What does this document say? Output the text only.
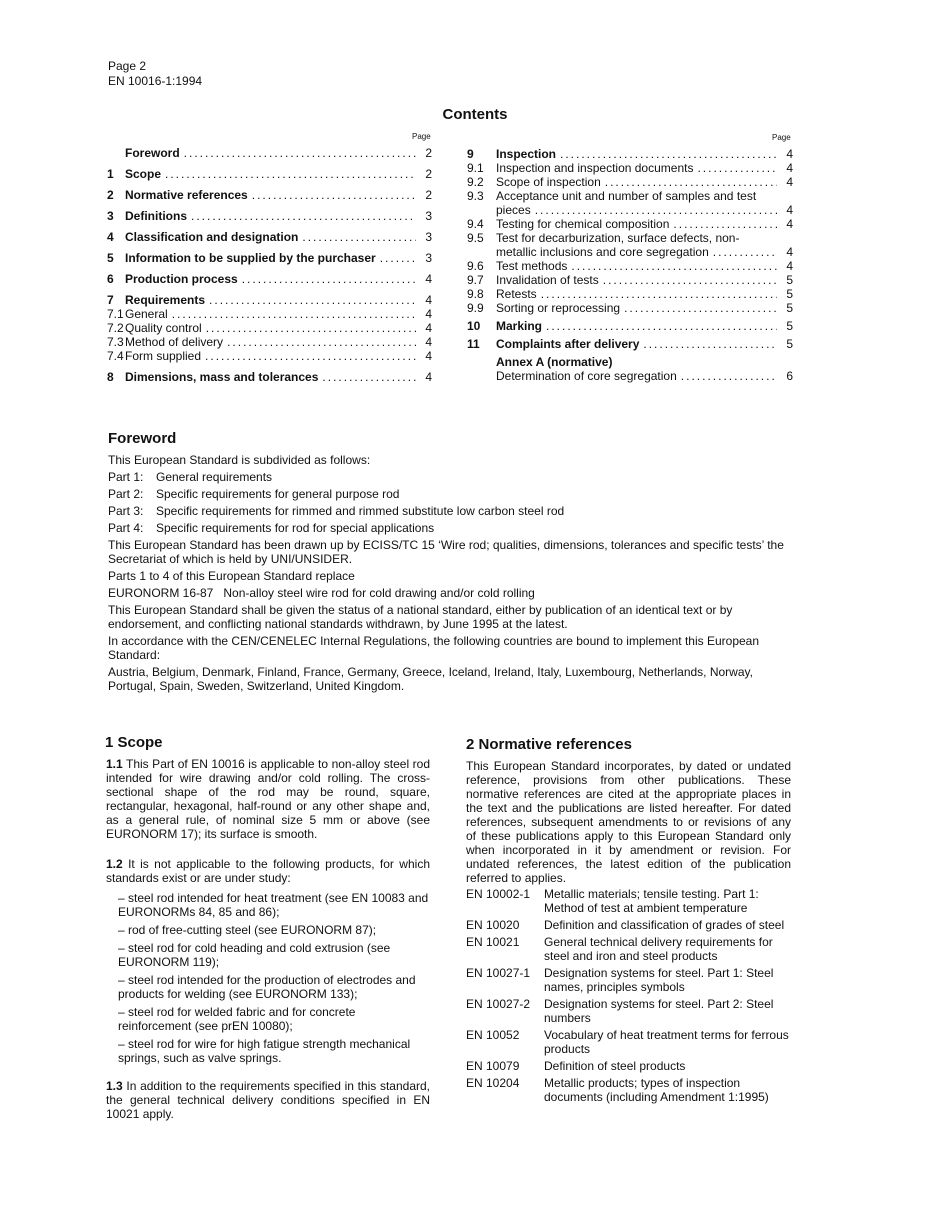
Page 2
EN 10016-1:1994
Contents
Page	Page
Foreword .....	2
1 Scope .....	2
2 Normative references .....	2
3 Definitions .....	3
4 Classification and designation .....	3
5 Information to be supplied by the purchaser .....	3
6 Production process .....	4
7 Requirements .....	4
7.1 General .....	4
7.2 Quality control .....	4
7.3 Method of delivery .....	4
7.4 Form supplied .....	4
8 Dimensions, mass and tolerances .....	4
9	Inspection .....	4
9.1	Inspection and inspection documents .....	4
9.2	Scope of inspection .....	4
9.3	Acceptance unit and number of samples and test
pieces .....	4
9.4	Testing for chemical composition .....	4
9.5	Test for decarburization, surface defects, non-
metallic inclusions and core segregation .....	4
9.6	Test methods .....	4
9.7	Invalidation of tests .....	5
9.8	Retests .....	5
9.9	Sorting or reprocessing .....	5
10	Marking .....	5
11	Complaints after delivery .....	5
Annex A (normative)
Determination of core segregation .....	6
Foreword

This European Standard is subdivided as follows:

Part 1:	General requirements
Part 2:	Specific requirements for general purpose rod
Part 3:	Specific requirements for rimmed and rimmed substitute low carbon steel rod
Part 4:	Specific requirements for rod for special applications

This European Standard has been drawn up by ECISS/TC 15 ‘Wire rod; qualities, dimensions, tolerances and specific tests’ the Secretariat of which is held by UNI/UNSIDER.

Parts 1 to 4 of this European Standard replace

EURONORM 16-87   Non-alloy steel wire rod for cold drawing and/or cold rolling

This European Standard shall be given the status of a national standard, either by publication of an identical text or by endorsement, and conflicting national standards withdrawn, by June 1995 at the latest.

In accordance with the CEN/CENELEC Internal Regulations, the following countries are bound to implement this European Standard:

Austria, Belgium, Denmark, Finland, France, Germany, Greece, Iceland, Ireland, Italy, Luxembourg, Netherlands, Norway, Portugal, Spain, Sweden, Switzerland, United Kingdom.

1 Scope

1.1 This Part of EN 10016 is applicable to non-alloy steel rod intended for wire drawing and/or cold rolling. The cross-sectional shape of the rod may be round, square, rectangular, hexagonal, half-round or any other shape and, as a general rule, of nominal size 5 mm or above (see EURONORM 17); its surface is smooth.

1.2 It is not applicable to the following products, for which standards exist or are under study:

– steel rod intended for heat treatment (see EN 10083 and EURONORMs 84, 85 and 86);
– rod of free-cutting steel (see EURONORM 87);
– steel rod for cold heading and cold extrusion (see EURONORM 119);
– steel rod intended for the production of electrodes and products for welding (see EURONORM 133);
– steel rod for welded fabric and for concrete reinforcement (see prEN 10080);
– steel rod for wire for high fatigue strength mechanical springs, such as valve springs.

1.3 In addition to the requirements specified in this standard, the general technical delivery conditions specified in EN 10021 apply.

2 Normative references

This European Standard incorporates, by dated or undated reference, provisions from other publications. These normative references are cited at the appropriate places in the text and the publications are listed hereafter. For dated references, subsequent amendments to or revisions of any of these publications apply to this European Standard only when incorporated in it by amendment or revision. For undated references, the latest edition of the publication referred to applies.

EN 10002-1	Metallic materials; tensile testing. Part 1: Method of test at ambient temperature
EN 10020	Definition and classification of grades of steel
EN 10021	General technical delivery requirements for steel and iron and steel products
EN 10027-1	Designation systems for steel. Part 1: Steel names, principles symbols
EN 10027-2	Designation systems for steel. Part 2: Steel numbers
EN 10052	Vocabulary of heat treatment terms for ferrous products
EN 10079	Definition of steel products
EN 10204	Metallic products; types of inspection documents (including Amendment 1:1995)
